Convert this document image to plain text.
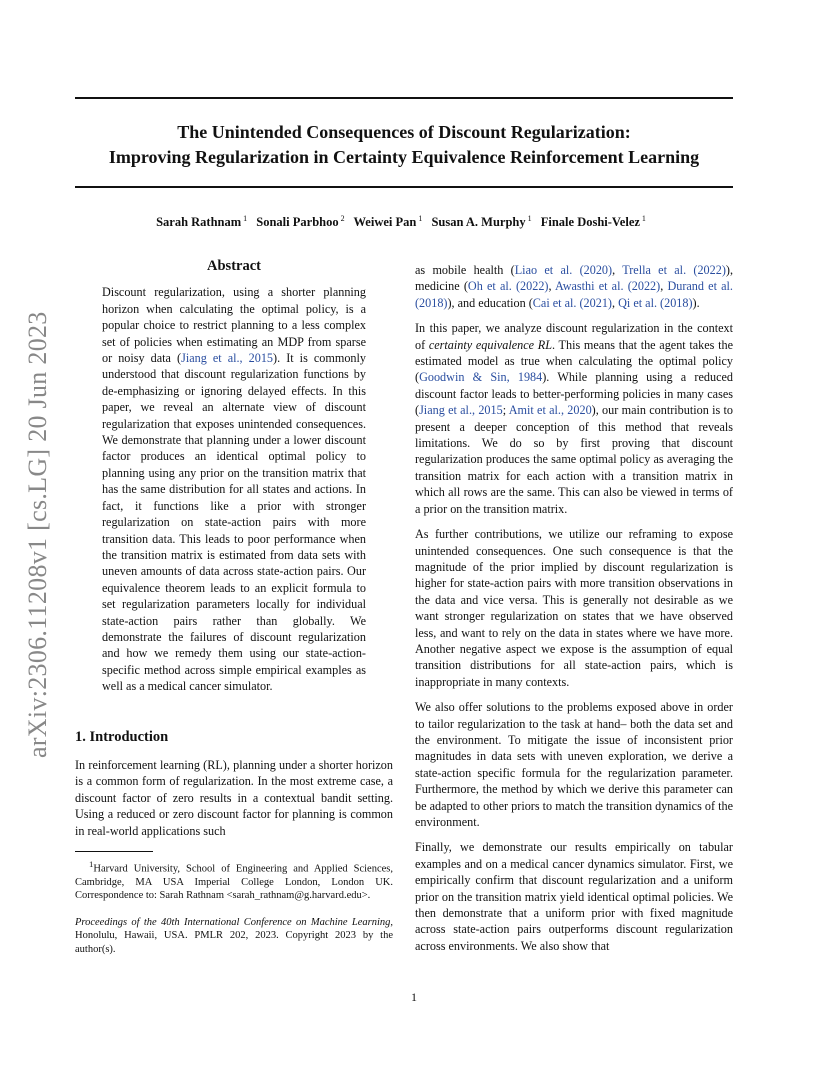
arXiv:2306.11208v1 [cs.LG] 20 Jun 2023
The Unintended Consequences of Discount Regularization:
Improving Regularization in Certainty Equivalence Reinforcement Learning
Sarah Rathnam $^1$ Sonali Parbhoo $^2$ Weiwei Pan $^1$ Susan A. Murphy $^1$ Finale Doshi-Velez $^1$
Abstract
Discount regularization, using a shorter planning horizon when calculating the optimal policy, is a popular choice to restrict planning to a less complex set of policies when estimating an MDP from sparse or noisy data (Jiang et al., 2015). It is commonly understood that discount regularization functions by de-emphasizing or ignoring delayed effects. In this paper, we reveal an alternate view of discount regularization that exposes unintended consequences. We demonstrate that planning under a lower discount factor produces an identical optimal policy to planning using any prior on the transition matrix that has the same distribution for all states and actions. In fact, it functions like a prior with stronger regularization on state-action pairs with more transition data. This leads to poor performance when the transition matrix is estimated from data sets with uneven amounts of data across state-action pairs. Our equivalence theorem leads to an explicit formula to set regularization parameters locally for individual state-action pairs rather than globally. We demonstrate the failures of discount regularization and how we remedy them using our state-action-specific method across simple empirical examples as well as a medical cancer simulator.
1. Introduction

In reinforcement learning (RL), planning under a shorter horizon is a common form of regularization. In the most extreme case, a discount factor of zero results in a contextual bandit setting. Using a reduced or zero discount factor for planning is common in real-world applications such

$^1$Harvard University, School of Engineering and Applied Sciences, Cambridge, MA USA Imperial College London, London UK. Correspondence to: Sarah Rathnam <sarah_rathnam@g.harvard.edu>.
Proceedings of the 40th International Conference on Machine Learning, Honolulu, Hawaii, USA. PMLR 202, 2023. Copyright 2023 by the author(s).

as mobile health (Liao et al. (2020), Trella et al. (2022)), medicine (Oh et al. (2022), Awasthi et al. (2022), Durand et al. (2018)), and education (Cai et al. (2021), Qi et al. (2018)).

In this paper, we analyze discount regularization in the context of certainty equivalence RL. This means that the agent takes the estimated model as true when calculating the optimal policy (Goodwin & Sin, 1984). While planning using a reduced discount factor leads to better-performing policies in many cases (Jiang et al., 2015; Amit et al., 2020), our main contribution is to present a deeper conception of this method that reveals limitations. We do so by first proving that discount regularization produces the same optimal policy as averaging the transition matrix for each action with a transition matrix in which all rows are the same. This can also be viewed in terms of a prior on the transition matrix.

As further contributions, we utilize our reframing to expose unintended consequences. One such consequence is that the magnitude of the prior implied by discount regularization is higher for state-action pairs with more transition observations in the data and vice versa. This is generally not desirable as we want stronger regularization on states that we have observed less, and want to rely on the data in states where we have more. Another negative aspect we expose is the assumption of equal transition distributions for all state-action pairs, which is inappropriate in many contexts.

We also offer solutions to the problems exposed above in order to tailor regularization to the task at hand– both the data set and the environment. To mitigate the issue of inconsistent prior magnitudes in data sets with uneven exploration, we derive a state-action specific formula for the regularization parameter. Furthermore, the method by which we derive this parameter can be adapted to other priors to match the transition dynamics of the environment.

Finally, we demonstrate our results empirically on tabular examples and on a medical cancer dynamics simulator. First, we empirically confirm that discount regularization and a uniform prior on the transition matrix yield identical optimal policies. We then demonstrate that a uniform prior with fixed magnitude across state-action pairs outperforms discount regularization across environments. We also show that

1
